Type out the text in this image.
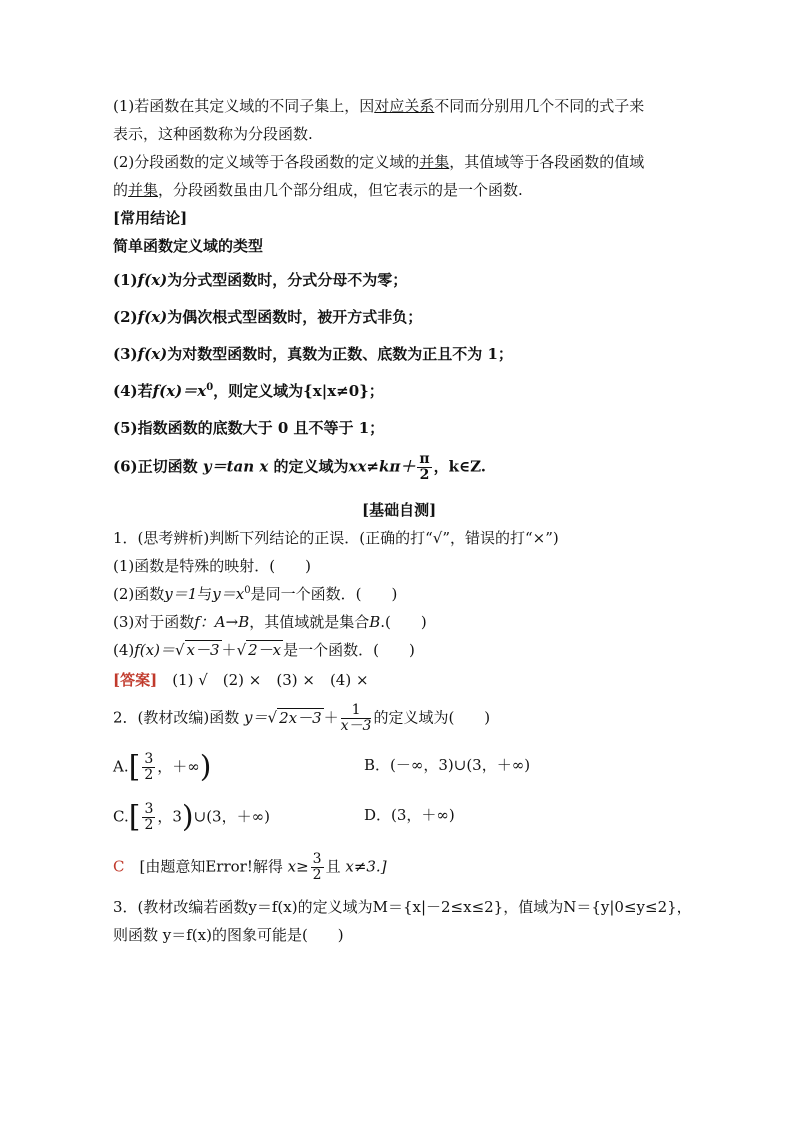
(1)若函数在其定义域的不同子集上，因对应关系不同而分别用几个不同的式子来
表示，这种函数称为分段函数.
(2)分段函数的定义域等于各段函数的定义域的并集，其值域等于各段函数的值域
的并集，分段函数虽由几个部分组成，但它表示的是一个函数.
[常用结论]
简单函数定义域的类型
(1)f(x)为分式型函数时，分式分母不为零；
(2)f(x)为偶次根式型函数时，被开方式非负；
(3)f(x)为对数型函数时，真数为正数、底数为正且不为 1；
(4)若$f(x)=x^0$，则定义域为{x|x≠0}；
(5)指数函数的底数大于 0 且不等于 1；
(6)正切函数 y＝tan x 的定义域为$xx\ne k\pi+ \frac{\pi}{2}$ ，k∈Z.
[基础自测]
1．(思考辨析)判断下列结论的正误．(正确的打“√”，错误的打“×”)
(1)函数是特殊的映射．(　　)
(2)函数y＝1与$y=x^0$是同一个函数．(　　)
(3)对于函数f：A→B，其值域就是集合B.(　　)
(4)f(x)＝√ x－3 ＋√ 2－x 是一个函数．(　　)
[答案]　(1) √　(2) ×　(3) ×　(4) ×
2．(教材改编)函数 y＝√ $2x-3 + \frac{1}{x-3}$ 的定义域为(　　)
$A.[ \frac{3}{2}$ ，＋∞)	B．(－∞，3)∪(3，＋∞)
$C.[ \frac{3}{2}$ ，3)∪(3，＋∞)	D．(3，＋∞)
C　[由题意知Error!解得 $x\ge \frac{3}{2}$ 且 x≠3.]
3．(教材改编若函数y＝f(x)的定义域为M＝{x|－2≤x≤2}，值域为N＝{y|0≤y≤2}，
则函数 y＝f(x)的图象可能是(　　)
